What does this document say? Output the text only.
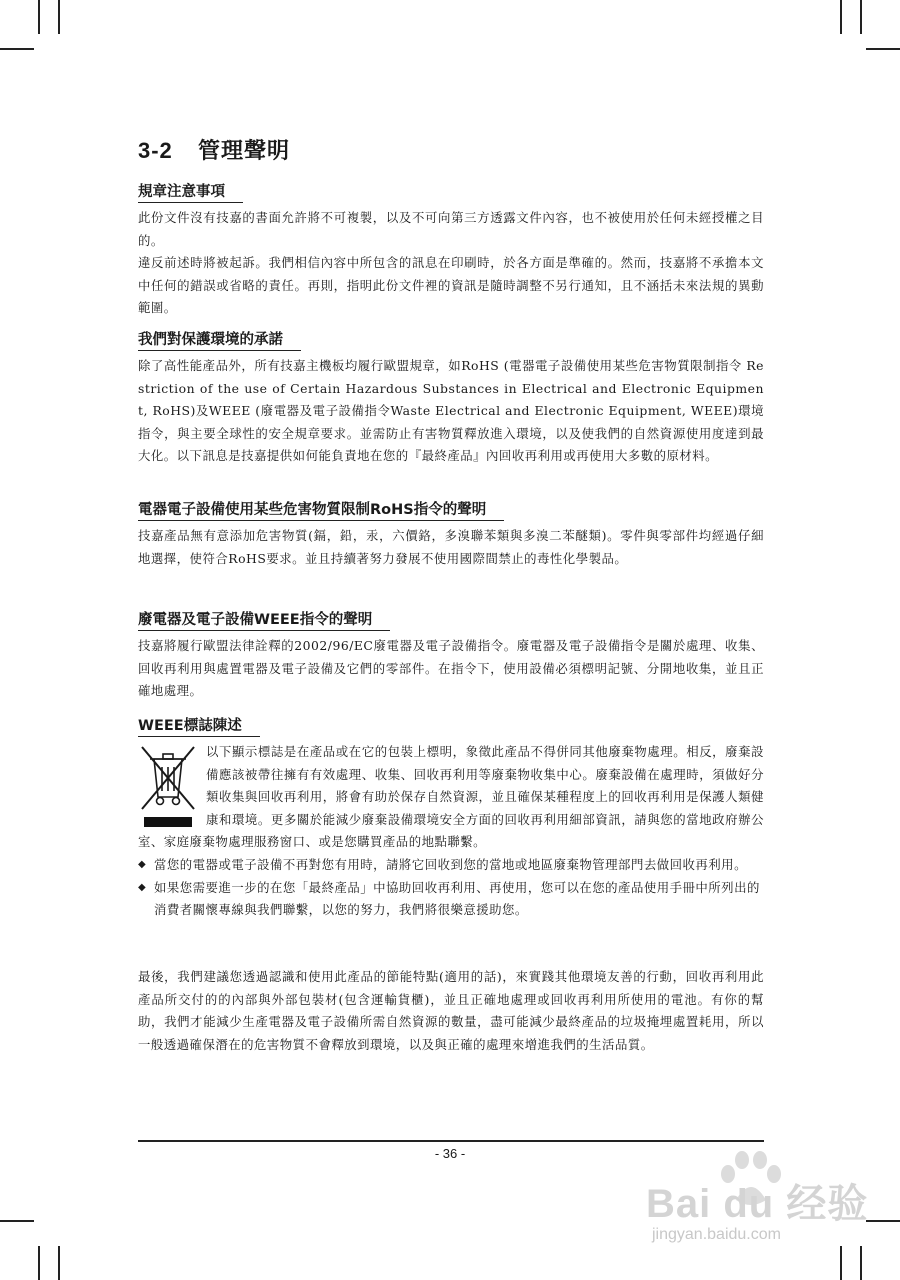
3-2 管理聲明
規章注意事項

此份文件沒有技嘉的書面允許將不可複製，以及不可向第三方透露文件內容，也不被使用於任何未經授權之目的。

違反前述時將被起訴。我們相信內容中所包含的訊息在印刷時，於各方面是準確的。然而，技嘉將不承擔本文中任何的錯誤或省略的責任。再則，指明此份文件裡的資訊是隨時調整不另行通知，且不涵括未來法規的異動範圍。

我們對保護環境的承諾

除了高性能產品外，所有技嘉主機板均履行歐盟規章，如RoHS (電器電子設備使用某些危害物質限制指令 Restriction of the use of Certain Hazardous Substances in Electrical and Electronic Equipment, RoHS)及WEEE (廢電器及電子設備指令Waste Electrical and Electronic Equipment, WEEE)環境指令，與主要全球性的安全規章要求。並需防止有害物質釋放進入環境，以及使我們的自然資源使用度達到最大化。以下訊息是技嘉提供如何能負責地在您的『最終產品』內回收再利用或再使用大多數的原材料。

電器電子設備使用某些危害物質限制RoHS指令的聲明

技嘉產品無有意添加危害物質(鎘，鉛，汞，六價鉻，多溴聯苯類與多溴二苯醚類)。零件與零部件均經過仔細地選擇，使符合RoHS要求。並且持續著努力發展不使用國際間禁止的毒性化學製品。

廢電器及電子設備WEEE指令的聲明

技嘉將履行歐盟法律詮釋的2002/96/EC廢電器及電子設備指令。廢電器及電子設備指令是關於處理、收集、回收再利用與處置電器及電子設備及它們的零部件。在指令下，使用設備必須標明記號、分開地收集，並且正確地處理。

WEEE標誌陳述

以下顯示標誌是在產品或在它的包裝上標明，象徵此產品不得併同其他廢棄物處理。相反，廢棄設備應該被帶往擁有有效處理、收集、回收再利用等廢棄物收集中心。廢棄設備在處理時，須做好分類收集與回收再利用，將會有助於保存自然資源，並且確保某種程度上的回收再利用是保護人類健康和環境。更多關於能減少廢棄設備環境安全方面的回收再利用細部資訊，請與您的當地政府辦公室、家庭廢棄物處理服務窗口、或是您購買產品的地點聯繫。

◆ 當您的電器或電子設備不再對您有用時，請將它回收到您的當地或地區廢棄物管理部門去做回收再利用。
◆ 如果您需要進一步的在您「最終產品」中協助回收再利用、再使用，您可以在您的產品使用手冊中所列出的消費者關懷專線與我們聯繫，以您的努力，我們將很樂意援助您。

最後，我們建議您透過認識和使用此產品的節能特點(適用的話)，來實踐其他環境友善的行動，回收再利用此產品所交付的的內部與外部包裝材(包含運輸貨櫃)，並且正確地處理或回收再利用所使用的電池。有你的幫助，我們才能減少生產電器及電子設備所需自然資源的數量，盡可能減少最終產品的垃圾掩埋處置耗用，所以一般透過確保潛在的危害物質不會釋放到環境，以及與正確的處理來增進我們的生活品質。

- 36 -
Bai du 经验
jingyan.baidu.com
